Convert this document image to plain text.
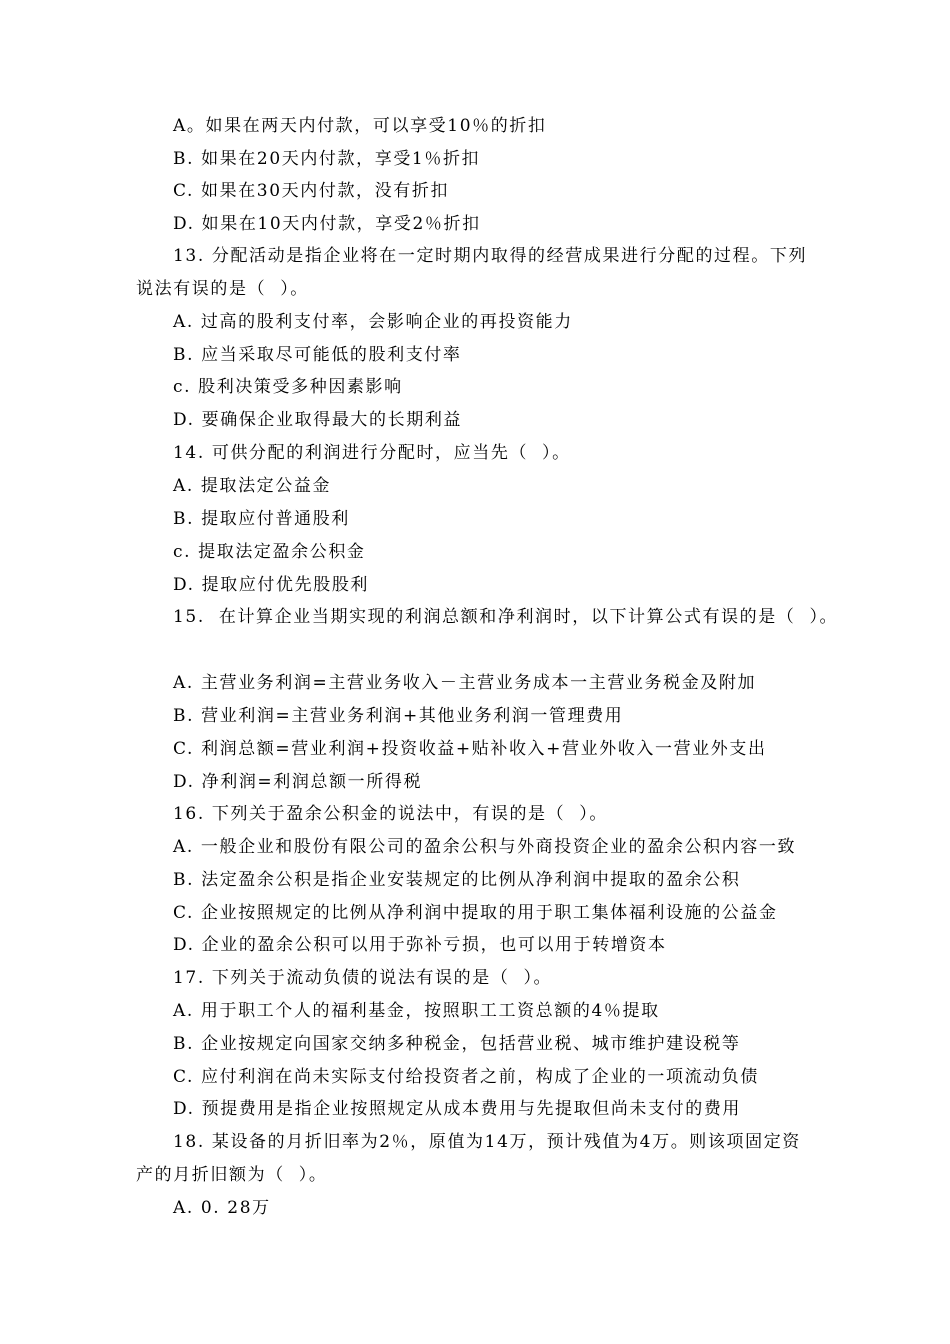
A。如果在两天内付款，可以享受10％的折扣
B. 如果在20天内付款，享受1％折扣
C. 如果在30天内付款，没有折扣
D. 如果在10天内付款，享受2％折扣
13. 分配活动是指企业将在一定时期内取得的经营成果进行分配的过程。下列
说法有误的是（  ）。
A. 过高的股利支付率，会影响企业的再投资能力
B. 应当采取尽可能低的股利支付率
c. 股利决策受多种因素影响
D. 要确保企业取得最大的长期利益
14. 可供分配的利润进行分配时，应当先（  ）。
A. 提取法定公益金
B. 提取应付普通股利
c. 提取法定盈余公积金
D. 提取应付优先股股利
15.  在计算企业当期实现的利润总额和净利润时，以下计算公式有误的是（  ）。
A. 主营业务利润=主营业务收入－主营业务成本一主营业务税金及附加
B. 营业利润=主营业务利润+其他业务利润一管理费用
C. 利润总额=营业利润+投资收益+贴补收入+营业外收入一营业外支出
D. 净利润=利润总额一所得税
16. 下列关于盈余公积金的说法中，有误的是（  ）。
A. 一般企业和股份有限公司的盈余公积与外商投资企业的盈余公积内容一致
B. 法定盈余公积是指企业安装规定的比例从净利润中提取的盈余公积
C. 企业按照规定的比例从净利润中提取的用于职工集体福利设施的公益金
D. 企业的盈余公积可以用于弥补亏损，也可以用于转增资本
17. 下列关于流动负债的说法有误的是（  ）。
A. 用于职工个人的福利基金，按照职工工资总额的4％提取
B. 企业按规定向国家交纳多种税金，包括营业税、城市维护建设税等
C. 应付利润在尚未实际支付给投资者之前，构成了企业的一项流动负债
D. 预提费用是指企业按照规定从成本费用与先提取但尚未支付的费用
18. 某设备的月折旧率为2％，原值为14万，预计残值为4万。则该项固定资
产的月折旧额为（  ）。
A. 0. 28万
